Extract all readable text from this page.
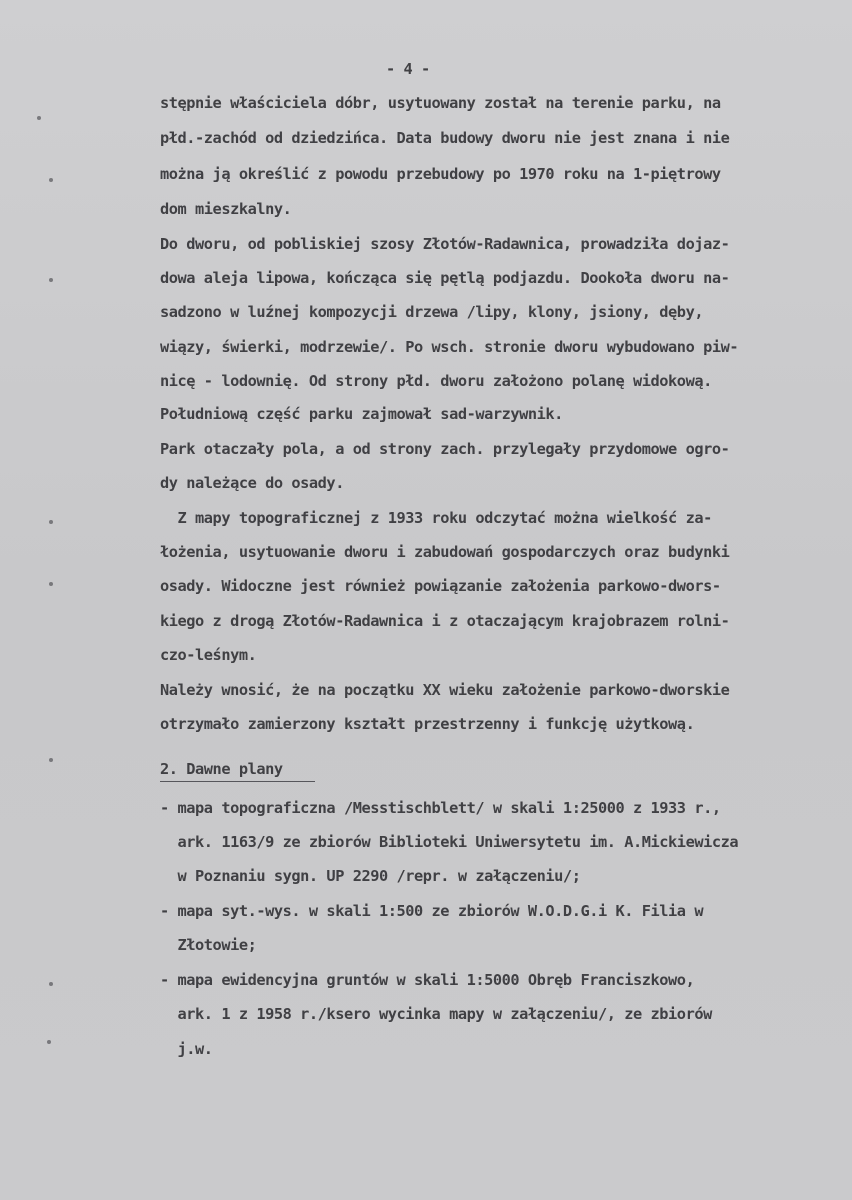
- 4 -
stępnie właściciela dóbr, usytuowany został na terenie parku, na
płd.-zachód od dziedzińca. Data budowy dworu nie jest znana i nie
można ją określić z powodu przebudowy po 1970 roku na 1-piętrowy
dom mieszkalny.
Do dworu, od pobliskiej szosy Złotów-Radawnica, prowadziła dojaz-
dowa aleja lipowa, kończąca się pętlą podjazdu. Dookoła dworu na-
sadzono w luźnej kompozycji drzewa /lipy, klony, jsiony, dęby,
wiązy, świerki, modrzewie/. Po wsch. stronie dworu wybudowano piw-
nicę - lodownię. Od strony płd. dworu założono polanę widokową.
Południową część parku zajmował sad-warzywnik.
Park otaczały pola, a od strony zach. przylegały przydomowe ogro-
dy należące do osady.
Z mapy topograficznej z 1933 roku odczytać można wielkość za-
łożenia, usytuowanie dworu i zabudowań gospodarczych oraz budynki
osady. Widoczne jest również powiązanie założenia parkowo-dwors-
kiego z drogą Złotów-Radawnica i z otaczającym krajobrazem rolni-
czo-leśnym.
Należy wnosić, że na początku XX wieku założenie parkowo-dworskie
otrzymało zamierzony kształt przestrzenny i funkcję użytkową.
2. Dawne plany
- mapa topograficzna /Messtischblett/ w skali 1:25000 z 1933 r.,
ark. 1163/9 ze zbiorów Biblioteki Uniwersytetu im. A.Mickiewicza
w Poznaniu sygn. UP 2290 /repr. w załączeniu/;
- mapa syt.-wys. w skali 1:500 ze zbiorów W.O.D.G.i K. Filia w
Złotowie;
- mapa ewidencyjna gruntów w skali 1:5000 Obręb Franciszkowo,
ark. 1 z 1958 r./ksero wycinka mapy w załączeniu/, ze zbiorów
j.w.
